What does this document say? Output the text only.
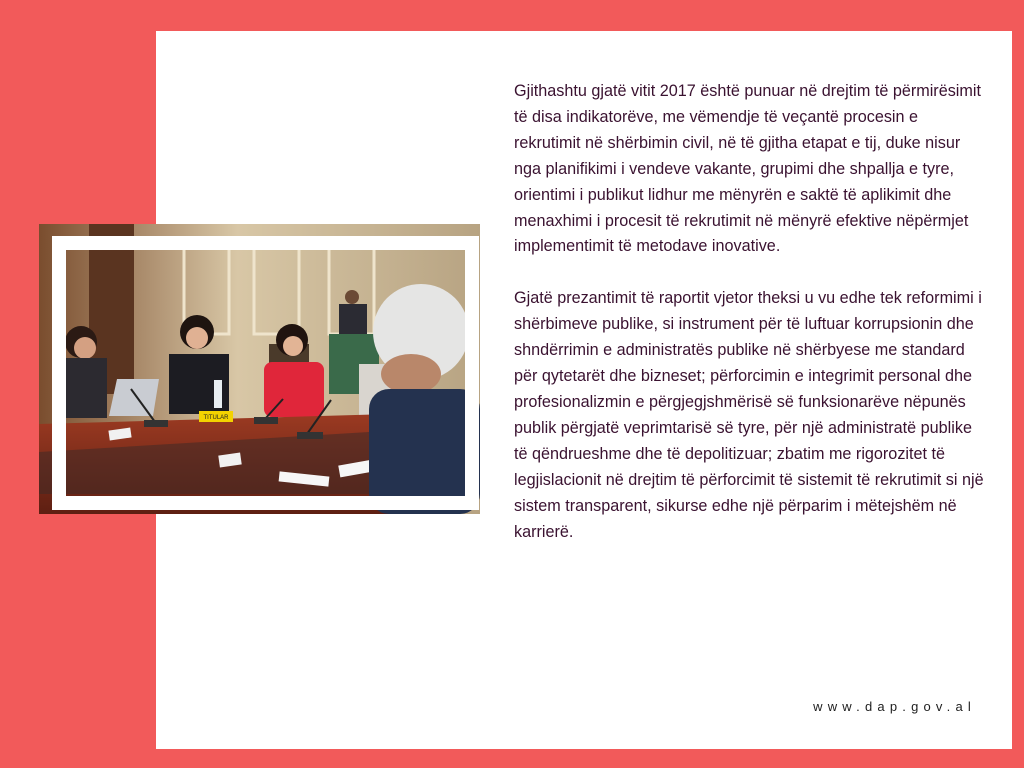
TITULAR

Gjithashtu gjatë vitit 2017 është punuar në drejtim të përmirësimit të disa indikatorëve, me vëmendje të veçantë procesin e rekrutimit në shërbimin civil, në të gjitha etapat e tij, duke nisur nga planifikimi i vendeve vakante, grupimi dhe shpallja e tyre, orientimi i publikut lidhur me mënyrën e saktë të aplikimit dhe menaxhimi i procesit të rekrutimit në mënyrë efektive nëpërmjet implementimit të metodave inovative.

Gjatë prezantimit të raportit vjetor theksi u vu edhe tek reformimi i shërbimeve publike, si instrument për të luftuar korrupsionin dhe shndërrimin e administratës publike në shërbyese me standard për qytetarët dhe bizneset; përforcimin e integrimit personal dhe profesionalizmin e përgjegjshmërisë së funksionarëve nëpunës publik përgjatë veprimtarisë së tyre, për një administratë publike të qëndrueshme dhe të depolitizuar; zbatim me rigorozitet të legjislacionit në drejtim të përforcimit të sistemit të rekrutimit si një sistem transparent, sikurse edhe një përparim i mëtejshëm në karrierë.

www.dap.gov.al
